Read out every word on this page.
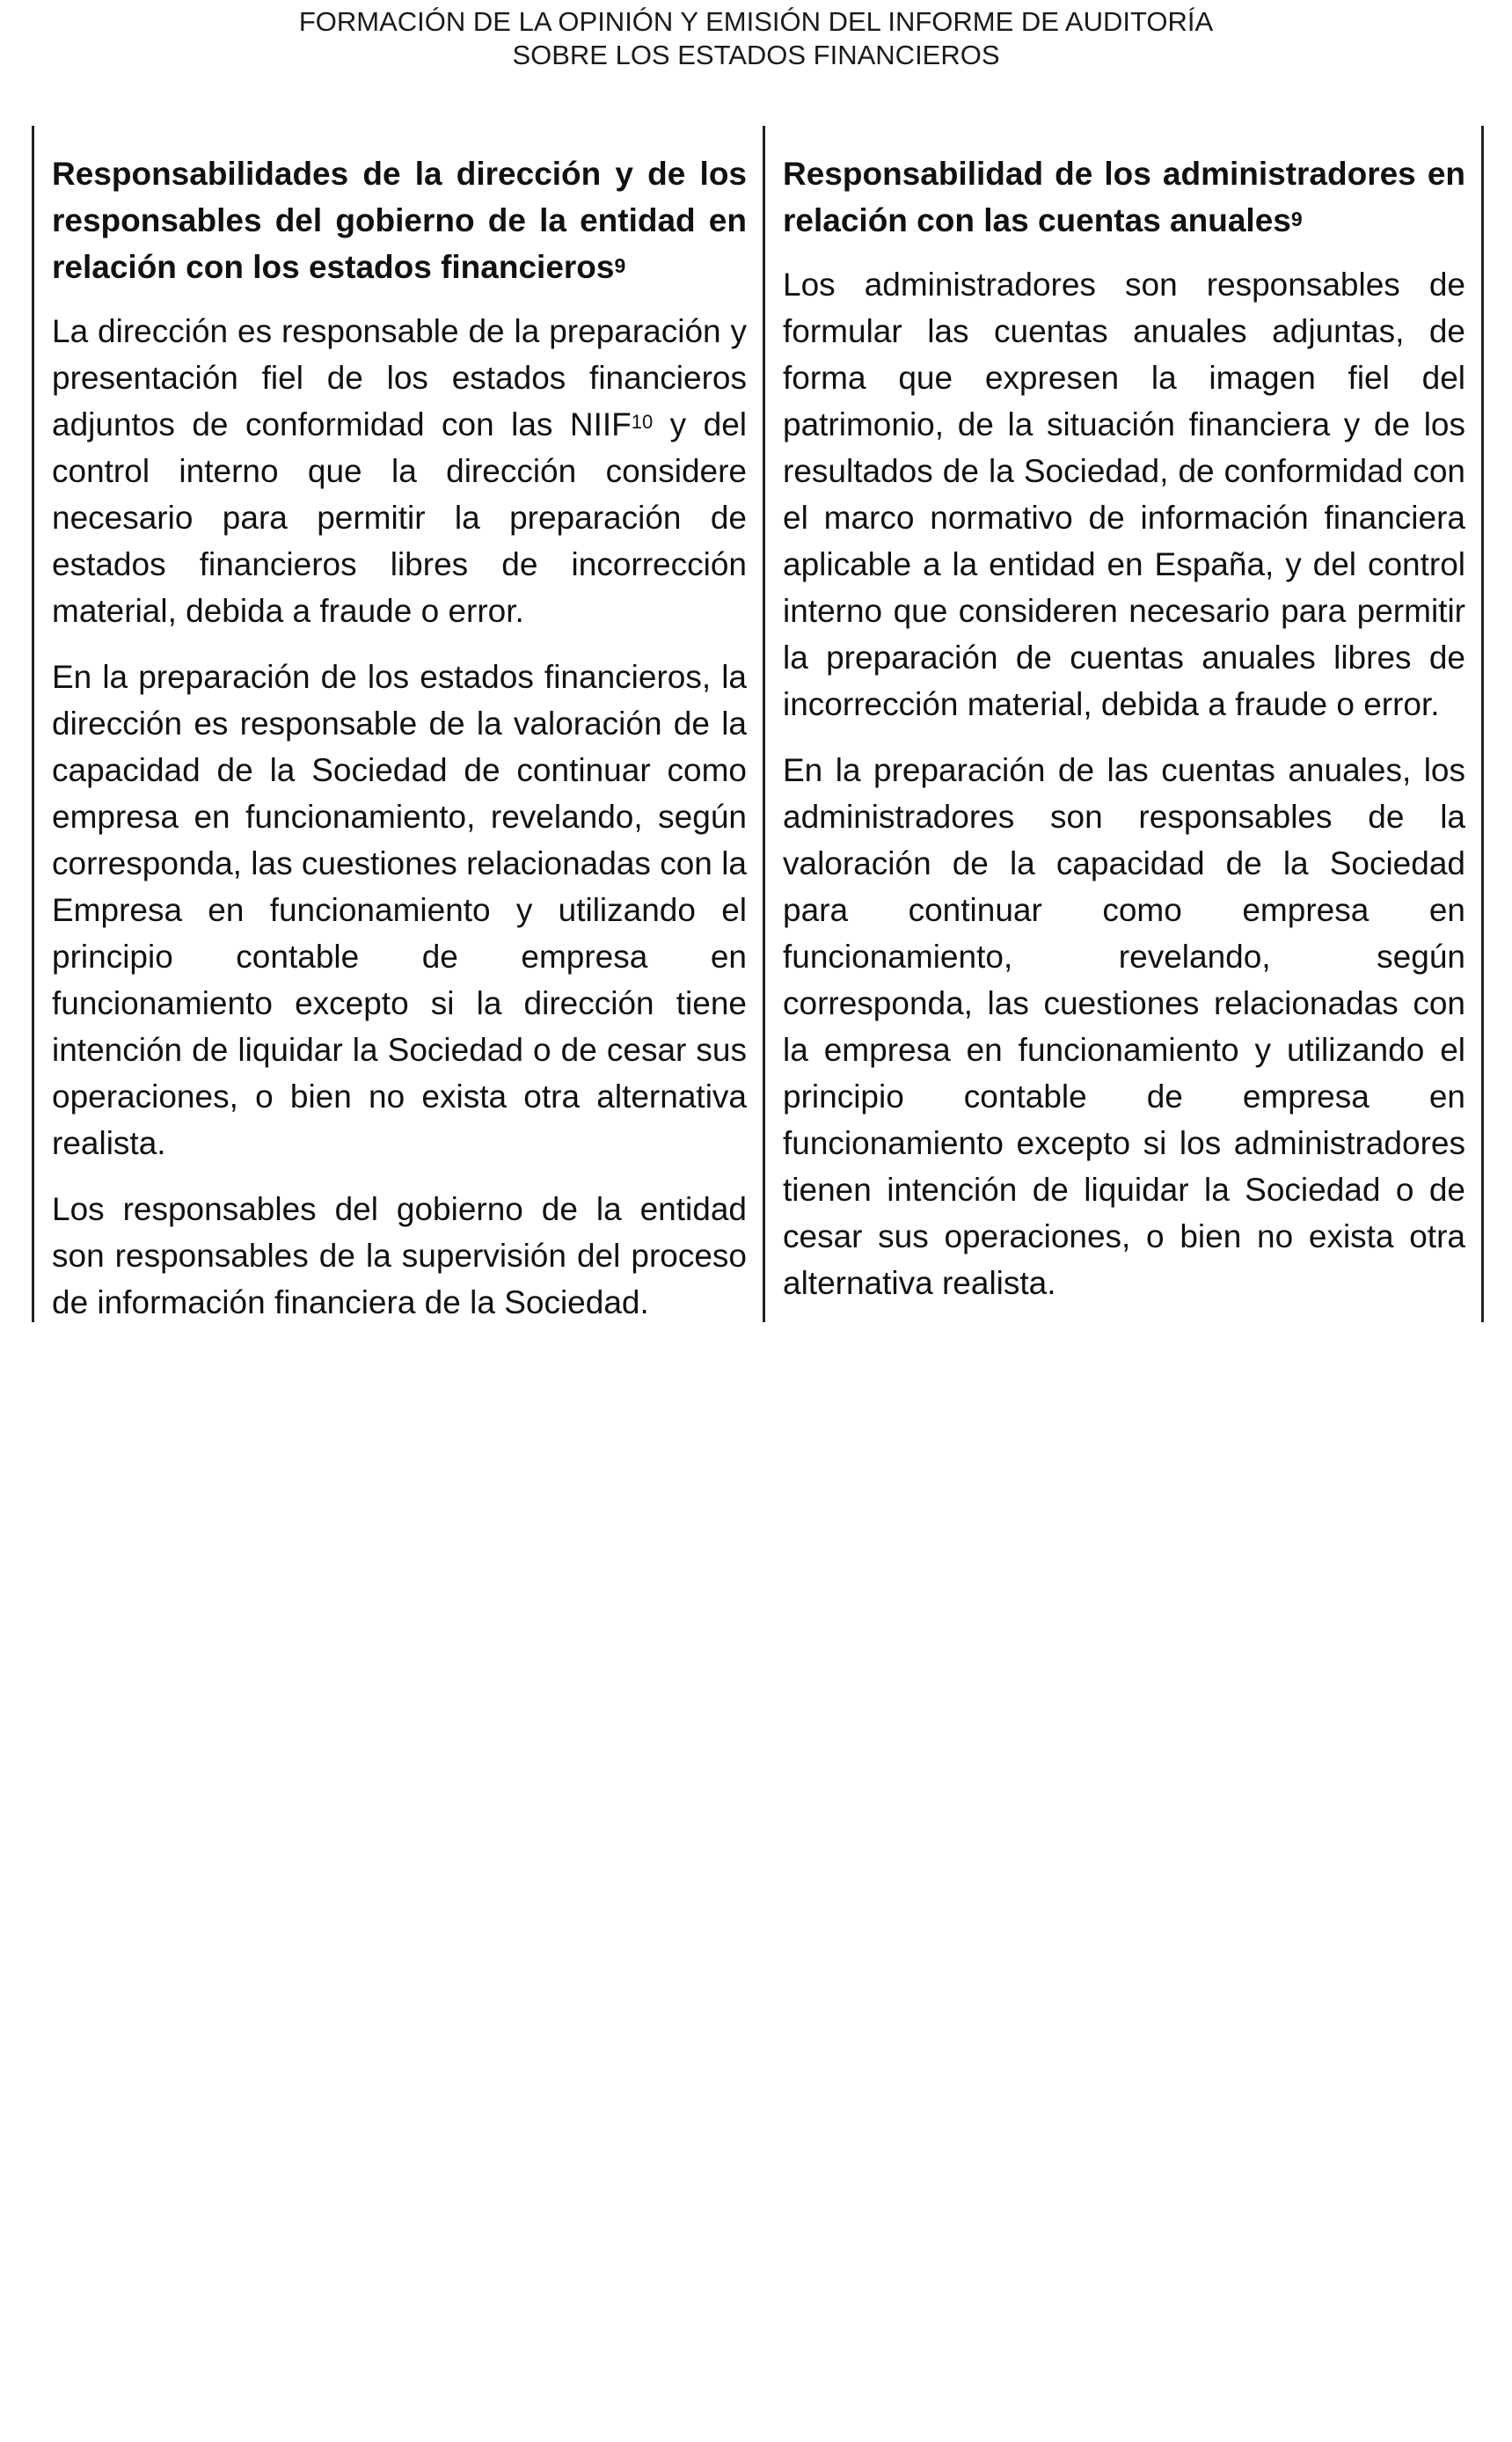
FORMACIÓN DE LA OPINIÓN Y EMISIÓN DEL INFORME DE AUDITORÍA
SOBRE LOS ESTADOS FINANCIEROS
Responsabilidades de la dirección y de los responsables del gobierno de la entidad en relación con los estados financieros$^9$

La dirección es responsable de la preparación y presentación fiel de los estados financieros adjuntos de conformidad con las NIIF$^{10}$ y del control interno que la dirección considere necesario para permitir la preparación de estados financieros libres de incorrección material, debida a fraude o error.

En la preparación de los estados financieros, la dirección es responsable de la valoración de la capacidad de la Sociedad de continuar como empresa en funcionamiento, revelando, según corresponda, las cuestiones relacionadas con la Empresa en funcionamiento y utilizando el principio contable de empresa en funcionamiento excepto si la dirección tiene intención de liquidar la Sociedad o de cesar sus operaciones, o bien no exista otra alternativa realista.

Los responsables del gobierno de la entidad son responsables de la supervisión del proceso de información financiera de la Sociedad.

Responsabilidad de los administradores en relación con las cuentas anuales$^9$

Los administradores son responsables de formular las cuentas anuales adjuntas, de forma que expresen la imagen fiel del patrimonio, de la situación financiera y de los resultados de la Sociedad, de conformidad con el marco normativo de información financiera aplicable a la entidad en España, y del control interno que consideren necesario para permitir la preparación de cuentas anuales libres de incorrección material, debida a fraude o error.

En la preparación de las cuentas anuales, los administradores son responsables de la valoración de la capacidad de la Sociedad para continuar como empresa en funcionamiento, revelando, según corresponda, las cuestiones relacionadas con la empresa en funcionamiento y utilizando el principio contable de empresa en funcionamiento excepto si los administradores tienen intención de liquidar la Sociedad o de cesar sus operaciones, o bien no exista otra alternativa realista.
